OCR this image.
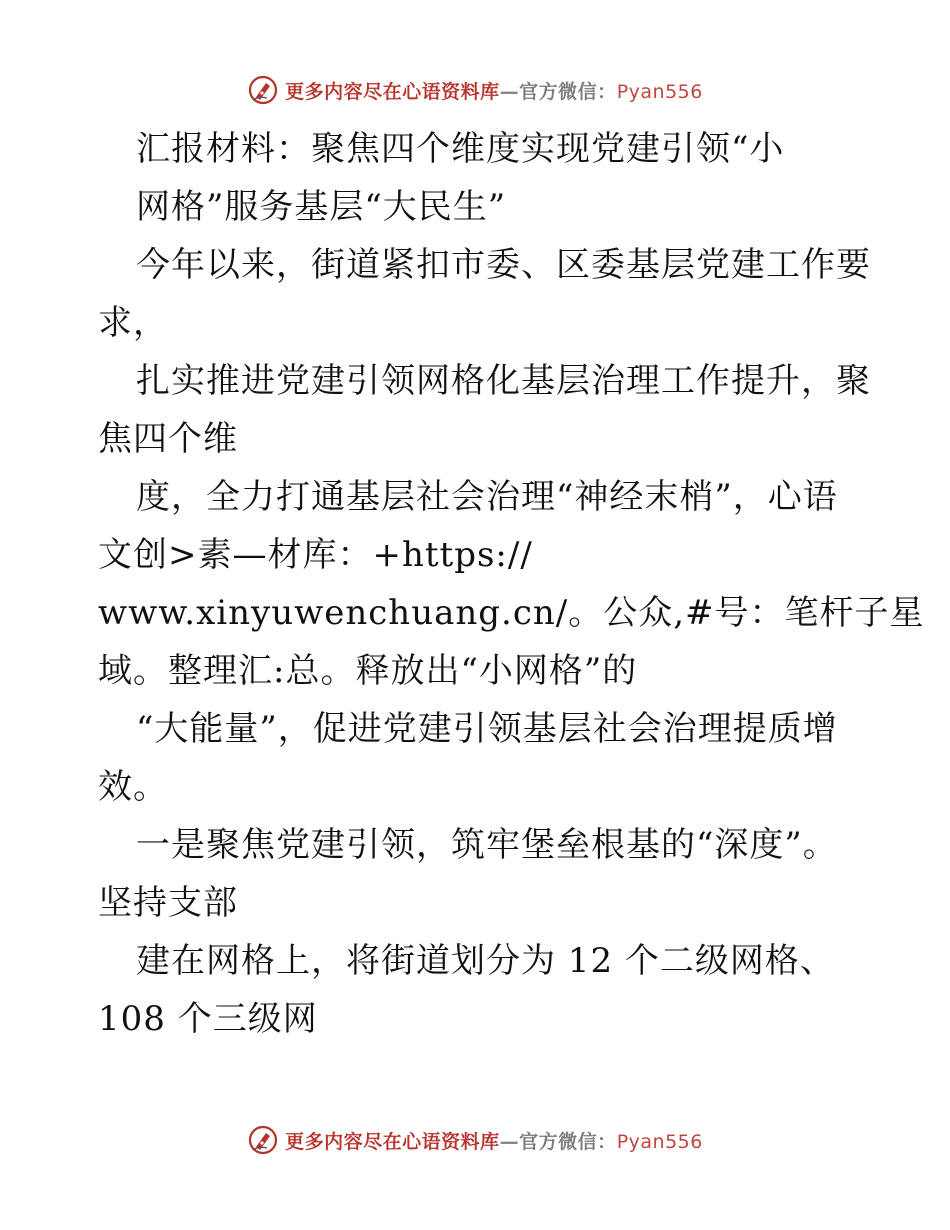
更多内容尽在心语资料库—官方微信：Pyan556
汇报材料：聚焦四个维度实现党建引领“小
网格”服务基层“大民生”
今年以来，街道紧扣市委、区委基层党建工作要
求，
扎实推进党建引领网格化基层治理工作提升，聚
焦四个维
度，全力打通基层社会治理“神经末梢”，心语
文创>素—材库：+https://
www.xinyuwenchuang.cn/。公众,#号：笔杆子星
域。整理汇:总。释放出“小网格”的
“大能量”，促进党建引领基层社会治理提质增
效。
一是聚焦党建引领，筑牢堡垒根基的“深度”。
坚持支部
建在网格上，将街道划分为 12 个二级网格、
108 个三级网
更多内容尽在心语资料库—官方微信：Pyan556
